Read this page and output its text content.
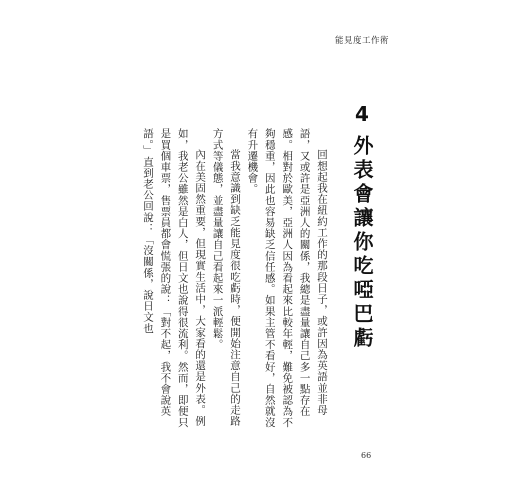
能見度工作術
4 外表會讓你吃啞巴虧

回想起我在紐約工作的那段日子，或許因為英語並非母語，又或許是亞洲人的關係，我總是盡量讓自己多一點存在感。相對於歐美，亞洲人因為看起來比較年輕，難免被認為不夠穩重，因此也容易缺乏信任感。如果主管不看好，自然就沒有升遷機會。

當我意識到缺乏能見度很吃虧時，便開始注意自己的走路方式等儀態，並盡量讓自己看起來一派輕鬆。

內在美固然重要，但現實生活中，大家看的還是外表。例如，我老公雖然是白人，但日文也說得很流利。然而，即便只是買個車票，售票員都會慌張的說：「對不起，我不會說英語。」直到老公回說：「沒關係，說日文也

66
